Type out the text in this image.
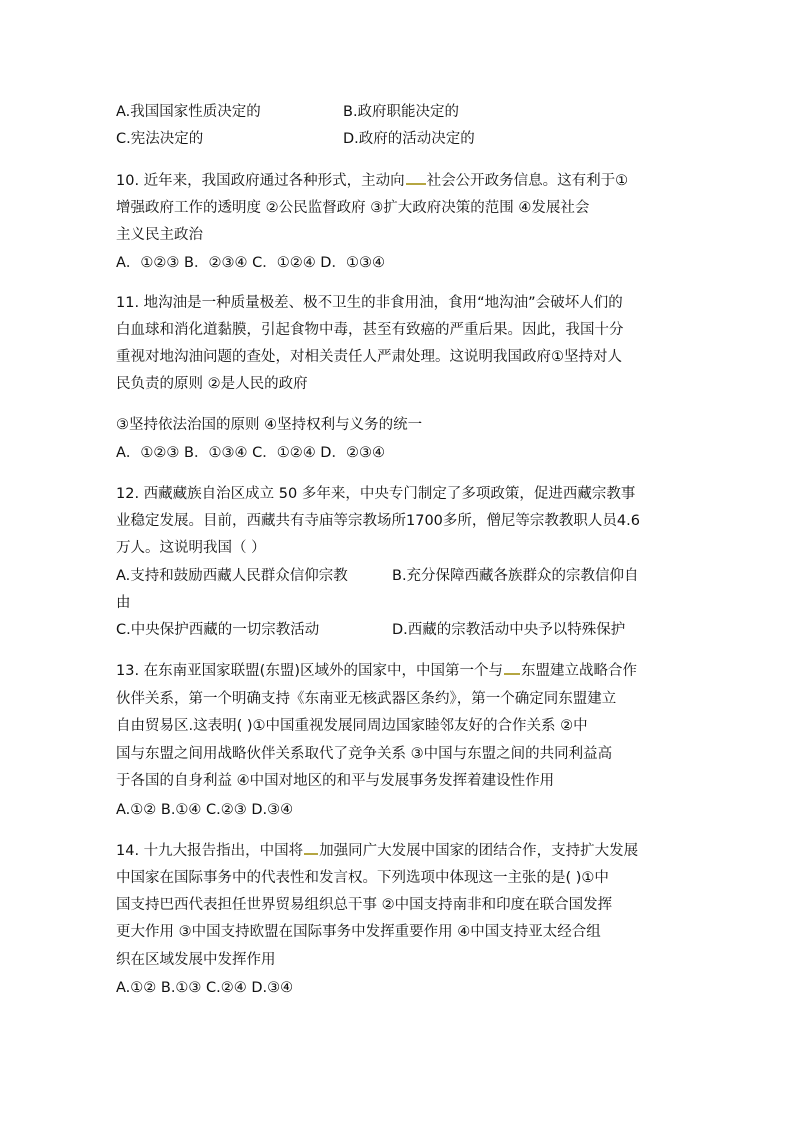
A.我国国家性质决定的	B.政府职能决定的
C.宪法决定的	D.政府的活动决定的
10. 近年来，我国政府通过各种形式，主动向 社会公开政务信息。这有利于①
增强政府工作的透明度 ②公民监督政府 ③扩大政府决策的范围 ④发展社会
主义民主政治
A．①②③ B．②③④ C．①②④ D．①③④
11. 地沟油是一种质量极差、极不卫生的非食用油，食用“地沟油”会破坏人们的
白血球和消化道黏膜，引起食物中毒，甚至有致癌的严重后果。因此，我国十分
重视对地沟油问题的查处，对相关责任人严肃处理。这说明我国政府①坚持对人
民负责的原则 ②是人民的政府
③坚持依法治国的原则 ④坚持权利与义务的统一
A．①②③ B．①③④ C．①②④ D．②③④
12. 西藏藏族自治区成立 50 多年来，中央专门制定了多项政策，促进西藏宗教事
业稳定发展。目前，西藏共有寺庙等宗教场所1700多所，僧尼等宗教教职人员4.6
万人。这说明我国（ ）
A.支持和鼓励西藏人民群众信仰宗教	B.充分保障西藏各族群众的宗教信仰自
由
C.中央保护西藏的一切宗教活动	D.西藏的宗教活动中央予以特殊保护
13. 在东南亚国家联盟(东盟)区域外的国家中，中国第一个与 东盟建立战略合作
伙伴关系，第一个明确支持《东南亚无核武器区条约》，第一个确定同东盟建立
自由贸易区.这表明( )①中国重视发展同周边国家睦邻友好的合作关系 ②中
国与东盟之间用战略伙伴关系取代了竞争关系 ③中国与东盟之间的共同利益高
于各国的自身利益 ④中国对地区的和平与发展事务发挥着建设性作用
A.①② B.①④ C.②③ D.③④
14. 十九大报告指出，中国将 加强同广大发展中国家的团结合作，支持扩大发展
中国家在国际事务中的代表性和发言权。下列选项中体现这一主张的是( )①中
国支持巴西代表担任世界贸易组织总干事 ②中国支持南非和印度在联合国发挥
更大作用 ③中国支持欧盟在国际事务中发挥重要作用 ④中国支持亚太经合组
织在区域发展中发挥作用
A.①② B.①③ C.②④ D.③④
